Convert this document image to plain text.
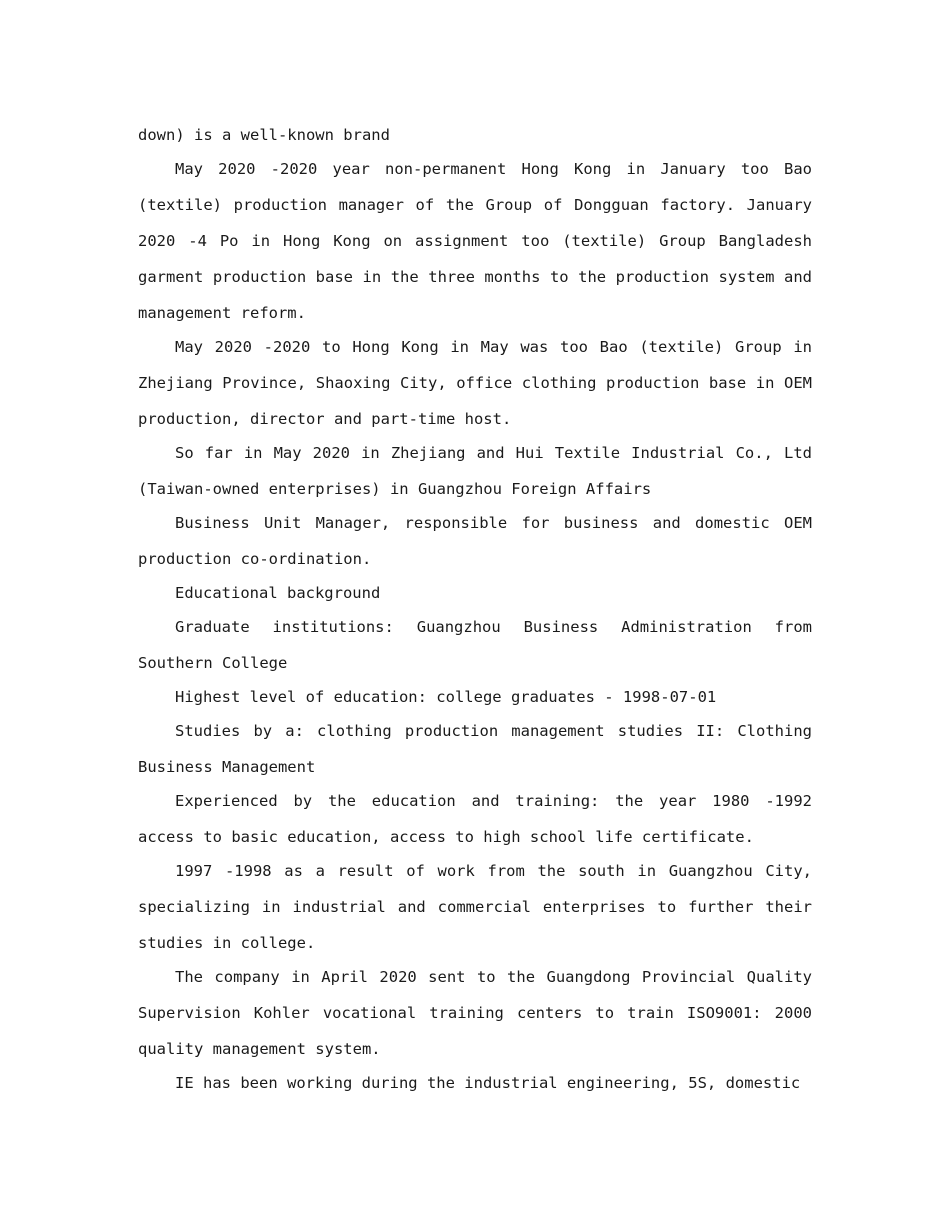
down) is a well-known brand

May 2020 -2020 year non-permanent Hong Kong in January too Bao (textile) production manager of the Group of Dongguan factory. January 2020 -4 Po in Hong Kong on assignment too (textile) Group Bangladesh garment production base in the three months to the production system and management reform.

May 2020 -2020 to Hong Kong in May was too Bao (textile) Group in Zhejiang Province, Shaoxing City, office clothing production base in OEM production, director and part-time host.

So far in May 2020 in Zhejiang and Hui Textile Industrial Co., Ltd (Taiwan-owned enterprises) in Guangzhou Foreign Affairs

Business Unit Manager, responsible for business and domestic OEM production co-ordination.

Educational background

Graduate institutions: Guangzhou Business Administration from Southern College

Highest level of education: college graduates - 1998-07-01

Studies by a: clothing production management studies II: Clothing Business Management

Experienced by the education and training: the year 1980 -1992 access to basic education, access to high school life certificate.

1997 -1998 as a result of work from the south in Guangzhou City, specializing in industrial and commercial enterprises to further their studies in college.

The company in April 2020 sent to the Guangdong Provincial Quality Supervision Kohler vocational training centers to train ISO9001: 2000 quality management system.

IE has been working during the industrial engineering, 5S, domestic
